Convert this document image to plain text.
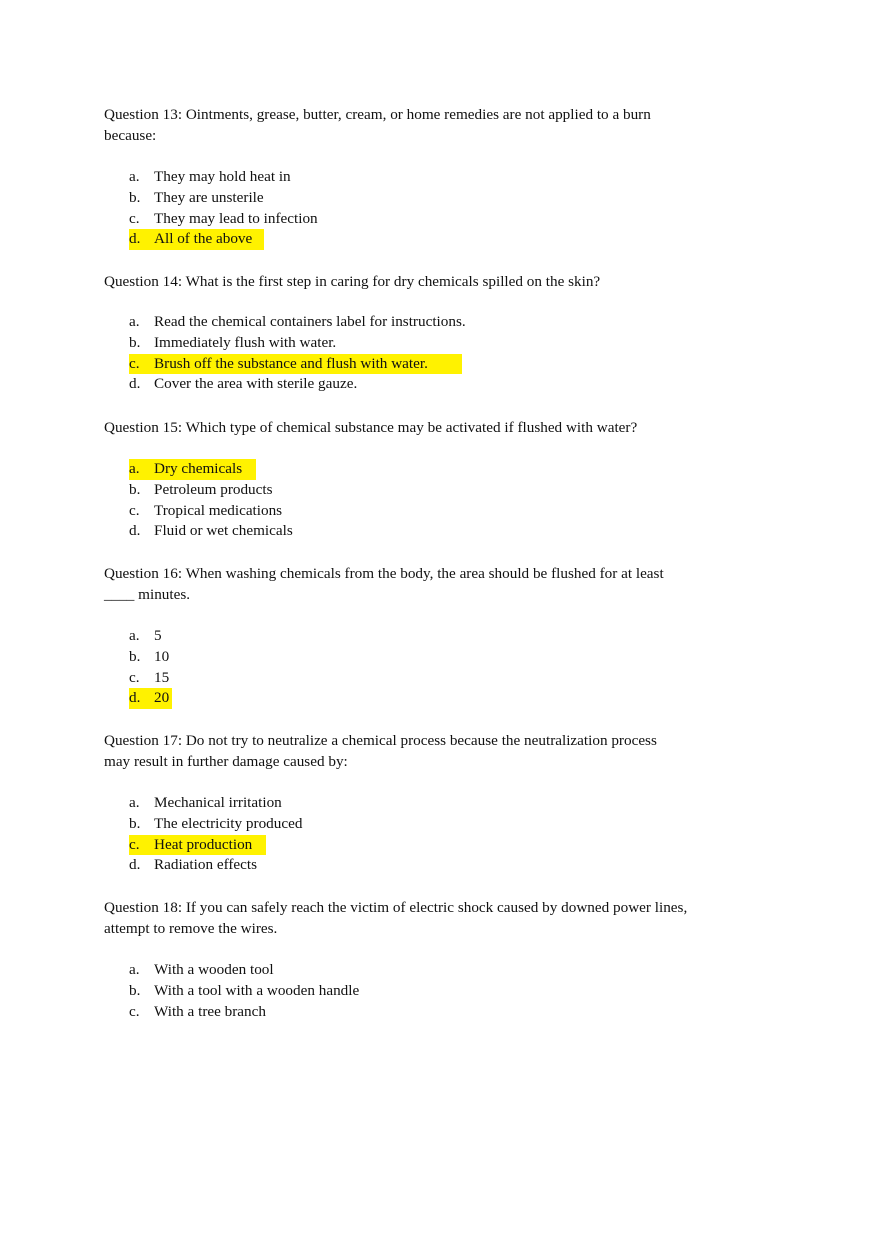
Question 13: Ointments, grease, butter, cream, or home remedies are not applied to a burn
because:

a. They may hold heat in
b. They are unsterile
c. They may lead to infection
d. All of the above

Question 14: What is the first step in caring for dry chemicals spilled on the skin?

a. Read the chemical containers label for instructions.
b. Immediately flush with water.
c. Brush off the substance and flush with water.
d. Cover the area with sterile gauze.

Question 15: Which type of chemical substance may be activated if flushed with water?

a. Dry chemicals
b. Petroleum products
c. Tropical medications
d. Fluid or wet chemicals

Question 16: When washing chemicals from the body, the area should be flushed for at least
____ minutes.

a. 5
b. 10
c. 15
d. 20

Question 17: Do not try to neutralize a chemical process because the neutralization process
may result in further damage caused by:

a. Mechanical irritation
b. The electricity produced
c. Heat production
d. Radiation effects

Question 18: If you can safely reach the victim of electric shock caused by downed power lines,
attempt to remove the wires.

a. With a wooden tool
b. With a tool with a wooden handle
c. With a tree branch
